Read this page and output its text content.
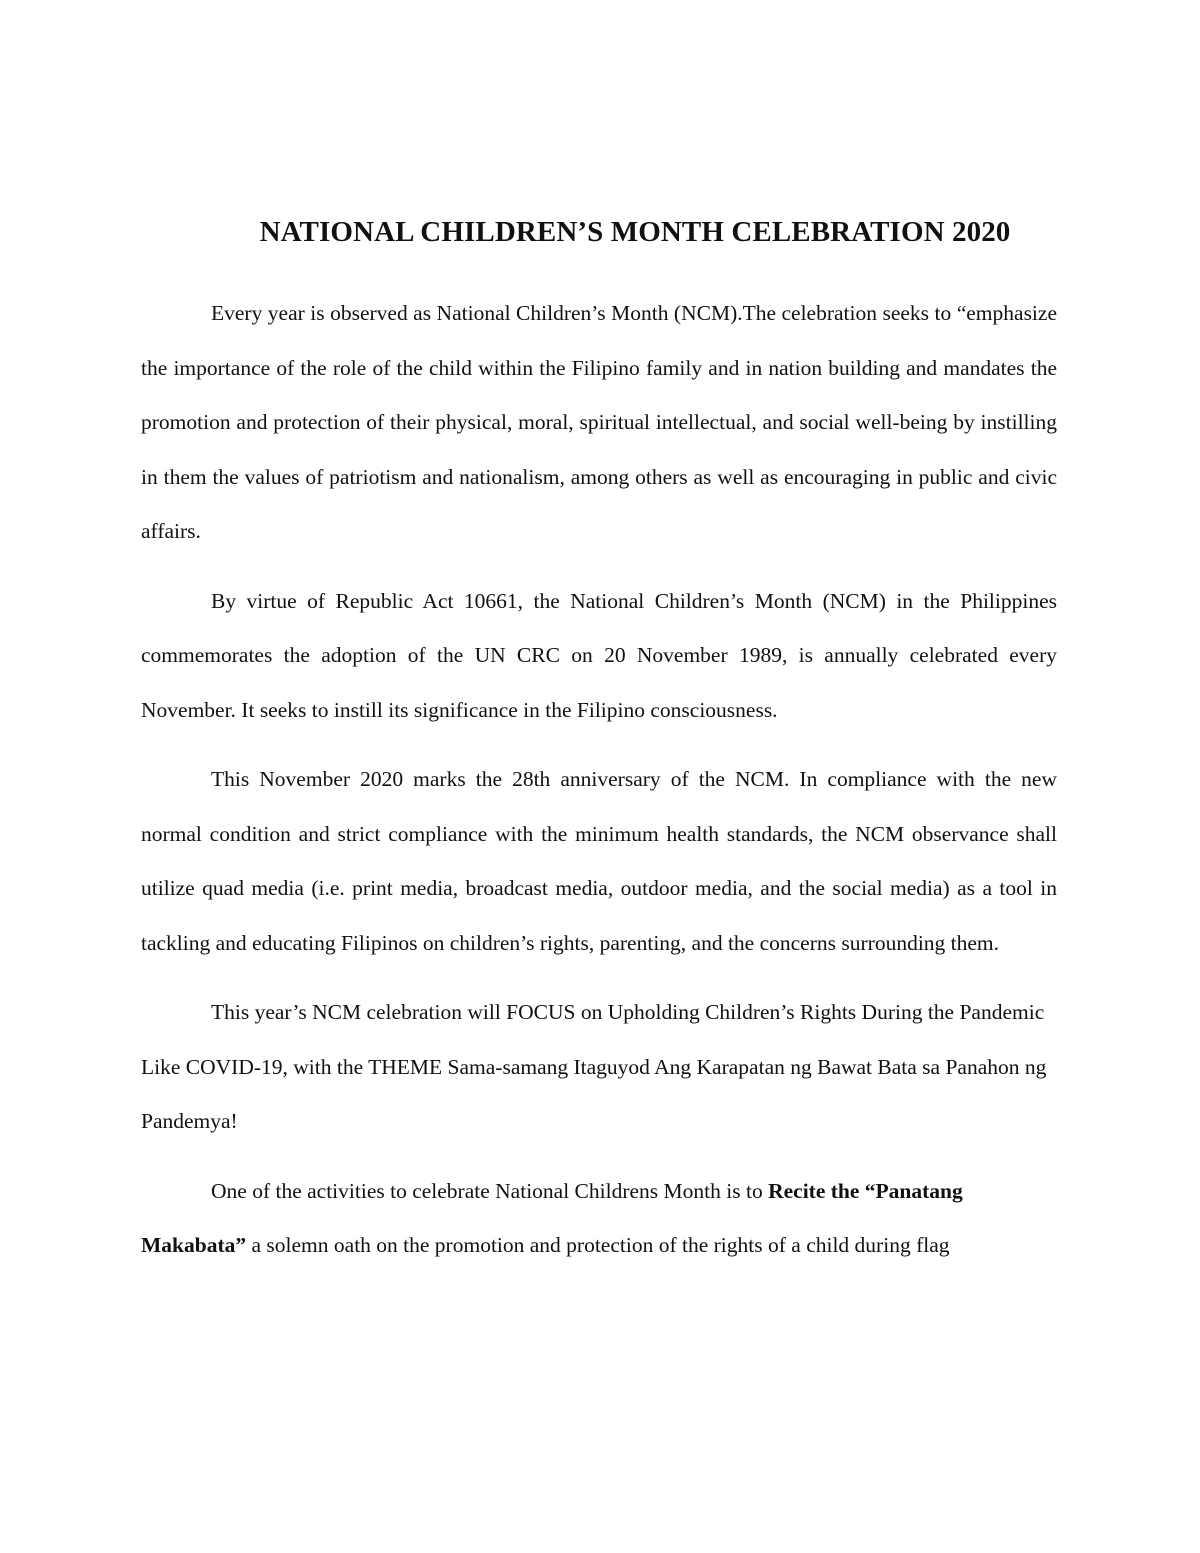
NATIONAL CHILDREN’S MONTH CELEBRATION 2020

Every year is observed as National Children’s Month (NCM).The celebration seeks to “emphasize the importance of the role of the child within the Filipino family and in nation building and mandates the promotion and protection of their physical, moral, spiritual intellectual, and social well-being by instilling in them the values of patriotism and nationalism, among others as well as encouraging in public and civic affairs.

By virtue of Republic Act 10661, the National Children’s Month (NCM) in the Philippines commemorates the adoption of the UN CRC on 20 November 1989, is annually celebrated every November. It seeks to instill its significance in the Filipino consciousness.

This November 2020 marks the 28th anniversary of the NCM. In compliance with the new normal condition and strict compliance with the minimum health standards, the NCM observance shall utilize quad media (i.e. print media, broadcast media, outdoor media, and the social media) as a tool in tackling and educating Filipinos on children’s rights, parenting, and the concerns surrounding them.

This year’s NCM celebration will FOCUS on Upholding Children’s Rights During the Pandemic Like COVID-19, with the THEME Sama-samang Itaguyod Ang Karapatan ng Bawat Bata sa Panahon ng Pandemya!

One of the activities to celebrate National Childrens Month is to Recite the “Panatang Makabata” a solemn oath on the promotion and protection of the rights of a child during flag
